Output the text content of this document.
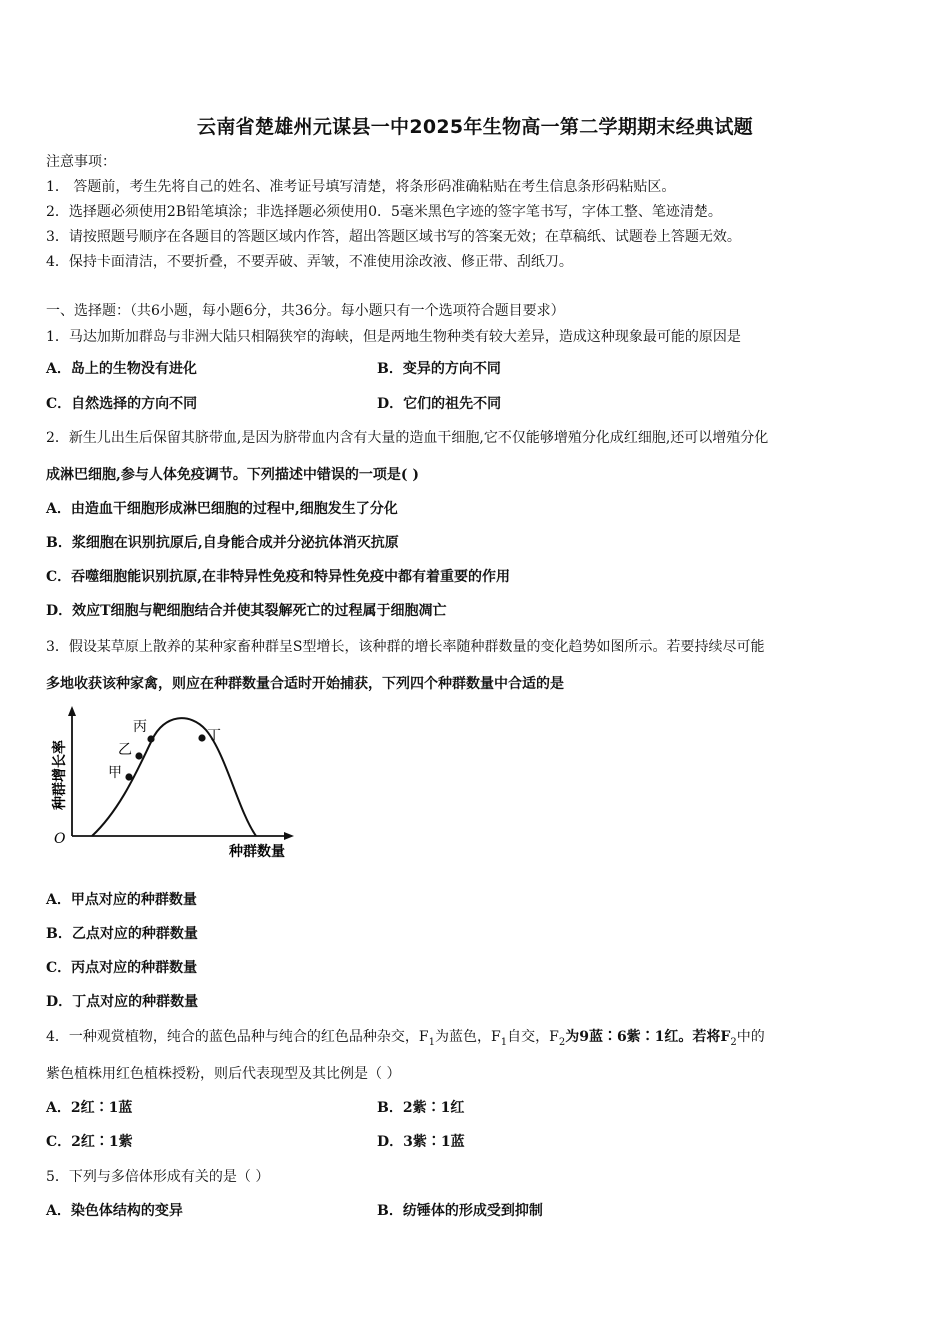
云南省楚雄州元谋县一中2025年生物高一第二学期期末经典试题
注意事项：
1． 答题前，考生先将自己的姓名、准考证号填写清楚，将条形码准确粘贴在考生信息条形码粘贴区。
2．选择题必须使用2B铅笔填涂；非选择题必须使用0．5毫米黑色字迹的签字笔书写，字体工整、笔迹清楚。
3．请按照题号顺序在各题目的答题区域内作答，超出答题区域书写的答案无效；在草稿纸、试题卷上答题无效。
4．保持卡面清洁，不要折叠，不要弄破、弄皱，不准使用涂改液、修正带、刮纸刀。
一、选择题：（共6小题，每小题6分，共36分。每小题只有一个选项符合题目要求）
1．马达加斯加群岛与非洲大陆只相隔狭窄的海峡，但是两地生物种类有较大差异，造成这种现象最可能的原因是
A．岛上的生物没有进化	B．变异的方向不同
C．自然选择的方向不同	D．它们的祖先不同
2．新生儿出生后保留其脐带血,是因为脐带血内含有大量的造血干细胞,它不仅能够增殖分化成红细胞,还可以增殖分化
成淋巴细胞,参与人体免疫调节。下列描述中错误的一项是( )
A．由造血干细胞形成淋巴细胞的过程中,细胞发生了分化
B．浆细胞在识别抗原后,自身能合成并分泌抗体消灭抗原
C．吞噬细胞能识别抗原,在非特异性免疫和特异性免疫中都有着重要的作用
D．效应T细胞与靶细胞结合并使其裂解死亡的过程属于细胞凋亡
3．假设某草原上散养的某种家畜种群呈S型增长，该种群的增长率随种群数量的变化趋势如图所示。若要持续尽可能
多地收获该种家禽，则应在种群数量合适时开始捕获，下列四个种群数量中合适的是
甲
乙
丙
丁
O
种群数量
种群增长率
A．甲点对应的种群数量
B．乙点对应的种群数量
C．丙点对应的种群数量
D．丁点对应的种群数量
4．一种观赏植物，纯合的蓝色品种与纯合的红色品种杂交，$F_1$为蓝色，$F_1$自交，$F_2$为9蓝∶6紫∶1红。若将$F_2$中的
紫色植株用红色植株授粉，则后代表现型及其比例是（ ）
A．2红∶1蓝	B．2紫∶1红
C．2红∶1紫	D．3紫∶1蓝
5．下列与多倍体形成有关的是（ ）
A．染色体结构的变异	B．纺锤体的形成受到抑制
